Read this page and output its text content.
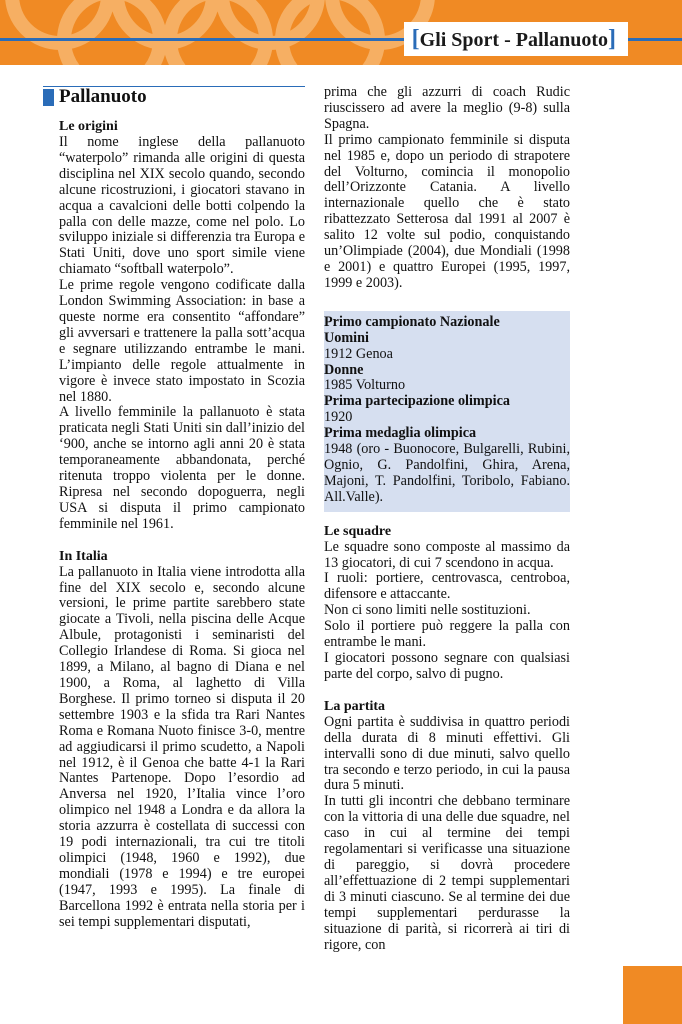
[Gli Sport - Pallanuoto]
Pallanuoto

Le origini

Il nome inglese della pallanuoto “waterpolo” rimanda alle origini di questa disciplina nel XIX secolo quando, secondo alcune ricostruzioni, i giocatori stavano in acqua a cavalcioni delle botti colpendo la palla con delle mazze, come nel polo. Lo sviluppo iniziale si differenzia tra Europa e Stati Uniti, dove uno sport simile viene chiamato “softball waterpolo”.

Le prime regole vengono codificate dalla London Swimming Association: in base a queste norme era consentito “affondare” gli avversari e trattenere la palla sott’acqua e segnare utilizzando entrambe le mani. L’impianto delle regole attualmente in vigore è invece stato impostato in Scozia nel 1880.

A livello femminile la pallanuoto è stata praticata negli Stati Uniti sin dall’inizio del ‘900, anche se intorno agli anni 20 è stata temporaneamente abbandonata, perché ritenuta troppo violenta per le donne. Ripresa nel secondo dopoguerra, negli USA si disputa il primo campionato femminile nel 1961.

In Italia

La pallanuoto in Italia viene introdotta alla fine del XIX secolo e, secondo alcune versioni, le prime partite sarebbero state giocate a Tivoli, nella piscina delle Acque Albule, protagonisti i seminaristi del Collegio Irlandese di Roma. Si gioca nel 1899, a Milano, al bagno di Diana e nel 1900, a Roma, al laghetto di Villa Borghese. Il primo torneo si disputa il 20 settembre 1903 e la sfida tra Rari Nantes Roma e Romana Nuoto finisce 3-0, mentre ad aggiudicarsi il primo scudetto, a Napoli nel 1912, è il Genoa che batte 4-1 la Rari Nantes Partenope. Dopo l’esordio ad Anversa nel 1920, l’Italia vince l’oro olimpico nel 1948 a Londra e da allora la storia azzurra è costellata di successi con 19 podi internazionali, tra cui tre titoli olimpici (1948, 1960 e 1992), due mondiali (1978 e 1994) e tre europei (1947, 1993 e 1995). La finale di Barcellona 1992 è entrata nella storia per i sei tempi supplementari disputati,

prima che gli azzurri di coach Rudic riuscissero ad avere la meglio (9-8) sulla Spagna.

Il primo campionato femminile si disputa nel 1985 e, dopo un periodo di strapotere del Volturno, comincia il monopolio dell’Orizzonte Catania. A livello internazionale quello che è stato ribattezzato Setterosa dal 1991 al 2007 è salito 12 volte sul podio, conquistando un’Olimpiade (2004), due Mondiali (1998 e 2001) e quattro Europei (1995, 1997, 1999 e 2003).

Primo campionato Nazionale

Uomini

1912 Genoa

Donne

1985 Volturno

Prima partecipazione olimpica

1920

Prima medaglia olimpica

1948 (oro - Buonocore, Bulgarelli, Rubini, Ognio, G. Pandolfini, Ghira, Arena, Majoni, T. Pandolfini, Toribolo, Fabiano. All.Valle).

Le squadre

Le squadre sono composte al massimo da 13 giocatori, di cui 7 scendono in acqua.

I ruoli: portiere, centrovasca, centroboa, difensore e attaccante.

Non ci sono limiti nelle sostituzioni.

Solo il portiere può reggere la palla con entrambe le mani.

I giocatori possono segnare con qualsiasi parte del corpo, salvo di pugno.

La partita

Ogni partita è suddivisa in quattro periodi della durata di 8 minuti effettivi. Gli intervalli sono di due minuti, salvo quello tra secondo e terzo periodo, in cui la pausa dura 5 minuti.

In tutti gli incontri che debbano terminare con la vittoria di una delle due squadre, nel caso in cui al termine dei tempi regolamentari si verificasse una situazione di pareggio, si dovrà procedere all’effettuazione di 2 tempi supplementari di 3 minuti ciascuno. Se al termine dei due tempi supplementari perdurasse la situazione di parità, si ricorrerà ai tiri di rigore, con
